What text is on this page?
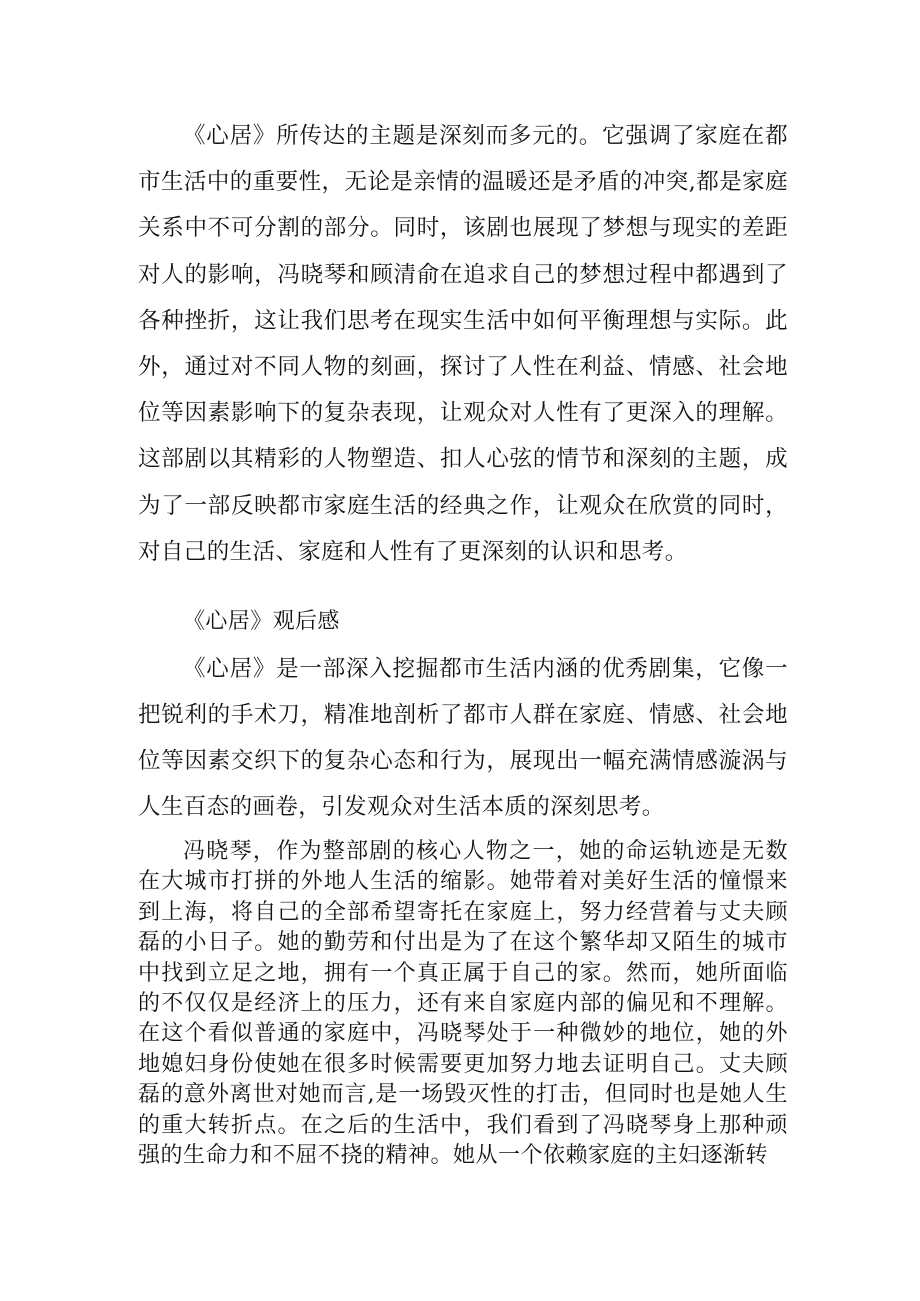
《心居》所传达的主题是深刻而多元的。它强调了家庭在都市生活中的重要性，无论是亲情的温暖还是矛盾的冲突,都是家庭关系中不可分割的部分。同时，该剧也展现了梦想与现实的差距对人的影响，冯晓琴和顾清俞在追求自己的梦想过程中都遇到了各种挫折，这让我们思考在现实生活中如何平衡理想与实际。此外，通过对不同人物的刻画，探讨了人性在利益、情感、社会地位等因素影响下的复杂表现，让观众对人性有了更深入的理解。这部剧以其精彩的人物塑造、扣人心弦的情节和深刻的主题，成为了一部反映都市家庭生活的经典之作，让观众在欣赏的同时，对自己的生活、家庭和人性有了更深刻的认识和思考。

《心居》观后感

《心居》是一部深入挖掘都市生活内涵的优秀剧集，它像一把锐利的手术刀，精准地剖析了都市人群在家庭、情感、社会地位等因素交织下的复杂心态和行为，展现出一幅充满情感漩涡与人生百态的画卷，引发观众对生活本质的深刻思考。

冯晓琴，作为整部剧的核心人物之一，她的命运轨迹是无数在大城市打拼的外地人生活的缩影。她带着对美好生活的憧憬来到上海，将自己的全部希望寄托在家庭上，努力经营着与丈夫顾磊的小日子。她的勤劳和付出是为了在这个繁华却又陌生的城市中找到立足之地，拥有一个真正属于自己的家。然而，她所面临的不仅仅是经济上的压力，还有来自家庭内部的偏见和不理解。在这个看似普通的家庭中，冯晓琴处于一种微妙的地位，她的外地媳妇身份使她在很多时候需要更加努力地去证明自己。丈夫顾磊的意外离世对她而言,是一场毁灭性的打击，但同时也是她人生的重大转折点。在之后的生活中，我们看到了冯晓琴身上那种顽强的生命力和不屈不挠的精神。她从一个依赖家庭的主妇逐渐转
